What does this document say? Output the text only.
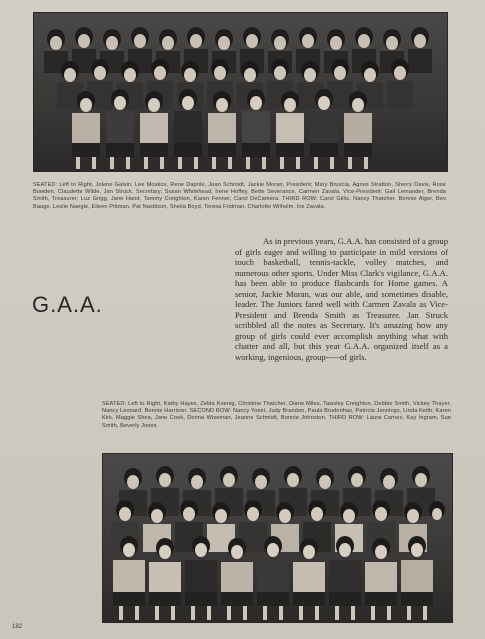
SEATED: Left to Right, Jolene Galvin, Lee Moskos, Rene Daprile, Jean Schmidt, Jackie Moran, President; Mary Bruscia, Agnes Stratton, Sherry Davis, Rose Bowden, Claudette Wilde, Jan Struck, Secretary; Susan Whitehead, Irene Hoffey, Bette Severance, Carmen Zavala, Vice-President; Gail Lemander, Brenda Smith, Treasurer; Luz Grigg, Jane Hand, Tammy Creighton, Karen Fenner, Carol DeCamera. THIRD ROW: Carol Gillis, Nancy Thatcher, Bonnie Alger, Bev Bauge, Leslie Naegle, Eileen Pittman, Pat Nastlison, Sheila Boyd, Teresa Fridman, Charlotte Wilhelm, Iris Zavala.
G.A.A.
As in previous years, G.A.A. has consisted of a group of girls eager and willing to participate in mild versions of touch basketball, tennis-tackle, volley matches, and numerous other sports. Under Miss Clark's vigilance, G.A.A. has been able to produce flashcards for Home games. A senior, Jackie Moran, was our able, and sometimes disable, leader. The Juniors fared well with Carmen Zavala as Vice-President and Brenda Smith as Treasurer. Jan Struck scribbled all the notes as Secretary. It's amazing how any group of girls could ever accomplish anything what with chatter and all, but this year G.A.A. organized itself as a working, ingenious, group-----of girls.
SEATED: Left to Right, Kathy Hayes, Zelda Koenig, Christine Thatcher, Diane Miles, Tawsley Creighton, Debbie Smith, Vickey Thayer, Nancy Leonard. Bonnie Harrison. SECOND ROW: Nancy Yoest, Judy Brandon, Paula Brudenhas, Patricia Jennings, Linda Keith, Karen Kirk, Maggie Shea, Jane Cook, Donna Wiseman, Jeanne Schmidt, Bonnie Johnston. THIRD ROW: Laura Carnes, Kay Ingram, Sue Smith, Beverly Jones.
182
